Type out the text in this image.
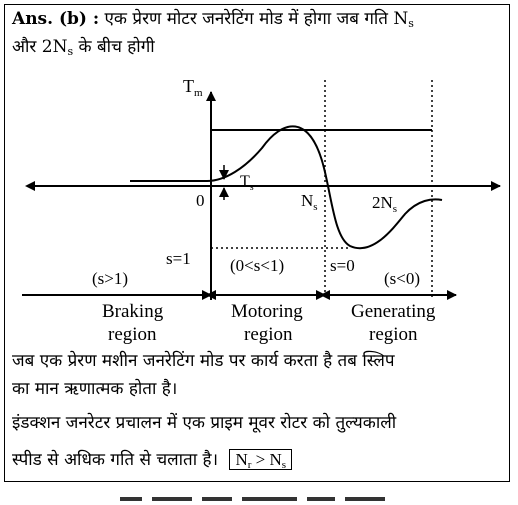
Ans. (b) : एक प्रेरण मोटर जनरेटिंग मोड में होगा जब गति $N_s$
और $2N_s$ के बीच होगी
$T_m$
$T_s$
0	$N_s$	$2N_s$
s=1	s=0
(s>1)
(0<s<1)
(s<0)
Braking
region
Motoring
region
Generating
region
जब एक प्रेरण मशीन जनरेटिंग मोड पर कार्य करता है तब स्लिप
का मान ऋणात्मक होता है।
इंडक्शन जनरेटर प्रचालन में एक प्राइम मूवर रोटर को तुल्यकाली
स्पीड से अधिक गति से चलाता है। $N_r > N_s$
